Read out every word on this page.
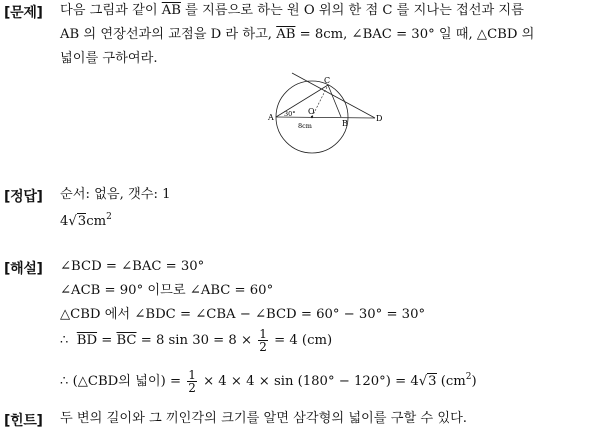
[문제] 다음 그림과 같이 $\overline{AB}$ 를 지름으로 하는 원 O 위의 한 점 C 를 지나는 접선과 지름
AB 의 연장선과의 교점을 D 라 하고, $\overline{AB} = 8cm$, ∠BAC = 30° 일 때, △CBD 의
넓이를 구하여라.
C
O
A
B
D
30°
8cm
[정답] 순서: 없음, 갯수: 1
$4√3cm^2$
[해설] ∠BCD = ∠BAC = 30°
∠ACB = 90° 이므로 ∠ABC = 60°
△CBD 에서 ∠BDC = ∠CBA − ∠BCD = 60° − 30° = 30°
∴ $\overline{BD} = \overline{BC} = 8$ $\sin 30 = 8 \times \frac{1}{2} = 4$ (cm)
∴ (△CBD의 넓이) = $\frac{1}{2} \times 4 \times 4 \times \sin (180^\circ - 120^\circ) = 4√3$ $(cm^2)$
[힌트] 두 변의 길이와 그 끼인각의 크기를 알면 삼각형의 넓이를 구할 수 있다.
